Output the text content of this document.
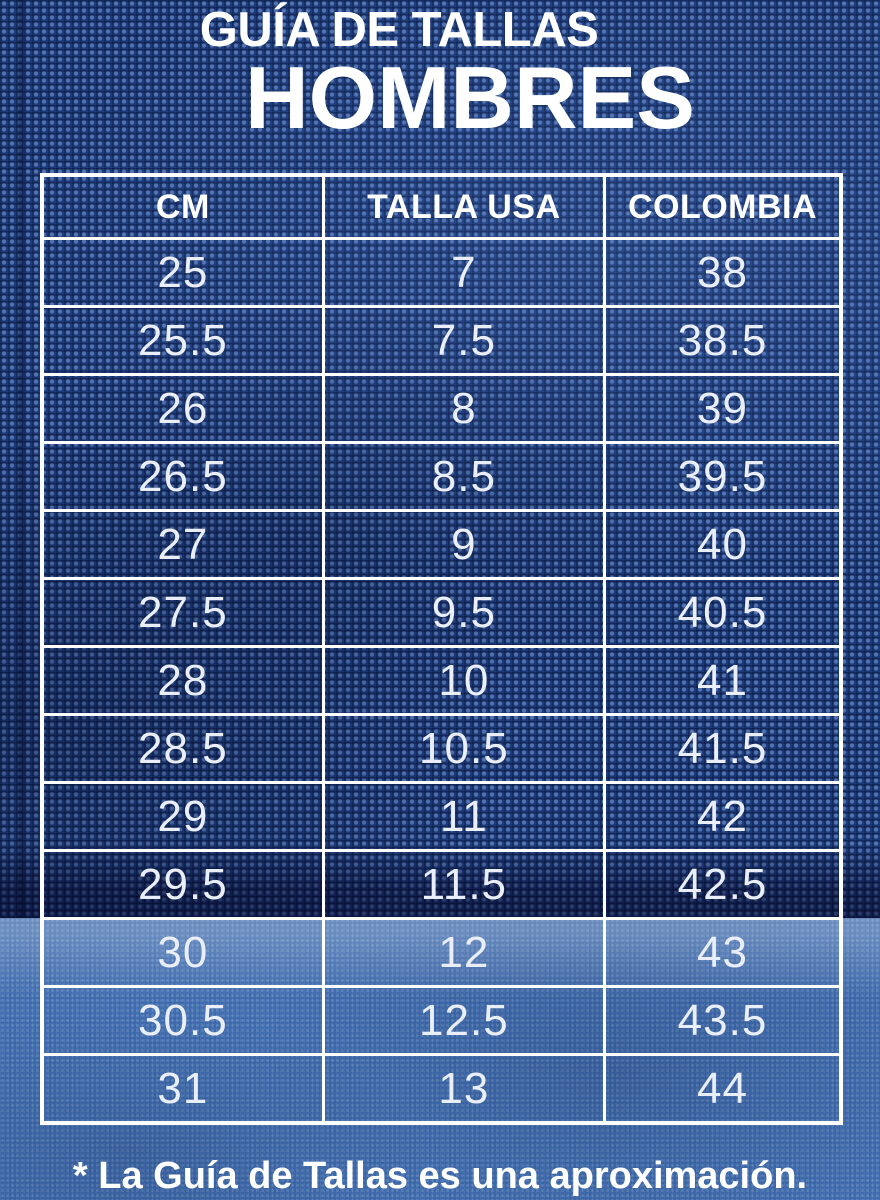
GUÍA DE TALLAS
HOMBRES
CM	TALLA USA	COLOMBIA
25	7	38
25.5	7.5	38.5
26	8	39
26.5	8.5	39.5
27	9	40
27.5	9.5	40.5
28	10	41
28.5	10.5	41.5
29	11	42
29.5	11.5	42.5
30	12	43
30.5	12.5	43.5
31	13	44

* La Guía de Tallas es una aproximación.
